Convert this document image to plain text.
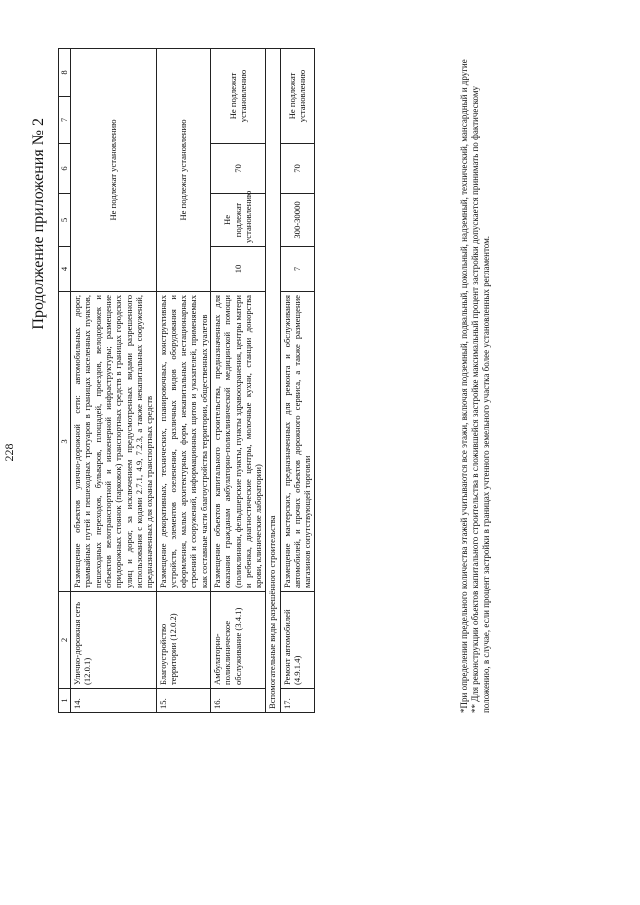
228
Продолжение приложения № 2
1	2	3	4	5	6	7	8
14.	Улично-дорожная сеть (12.0.1)	Размещение объектов улично-дорожной сети: автомобильных дорог, трамвайных путей и пешеходных тротуаров в границах населенных пунктов, пешеходных переходов, бульваров, площадей, проездов, велодорожек и объектов велотранспортной и инженерной инфраструктуры; размещение придорожных стоянок (парковок) транспортных средств в границах городских улиц и дорог, за исключением предусмотренных видами разрешенного использования с кодами 2.7.1, 4.9, 7.2.3, а также некапитальных сооружений, предназначенных для охраны транспортных средств	Не подлежат установлению				
15.	Благоустройство территории (12.0.2)	Размещение декоративных, технических, планировочных, конструктивных устройств, элементов озеленения, различных видов оборудования и оформления, малых архитектурных форм, некапитальных нестационарных строений и сооружений, информационных щитов и указателей, применяемых как составные части благоустройства территории, общественных туалетов	Не подлежат установлению				
16.	Амбулаторно-поликлиническое обслуживание (3.4.1)	Размещение объектов капитального строительства, предназначенных для оказания гражданам амбулаторно-поликлинической медицинской помощи (поликлиники, фельдшерские пункты, пункты здравоохранения, центры матери и ребенка, диагностические центры, молочные кухни, станции донорства крови, клинические лаборатории)	10	Не подлежат установлению	70	Не подлежат установлению	
Вспомогательные виды разрешённого строительства							
17.	Ремонт автомобилей (4.9.1.4)	Размещение мастерских, предназначенных для ремонта и обслуживания автомобилей, и прочих объектов дорожного сервиса, а также размещение магазинов сопутствующей торговли	7	300-30000	70	Не подлежат установлению		*При определении предельного количества этажей учитываются все этажи, включая подземный, подвальный, цокольный, надземный, технический, мансардный и другие ** Для реконструкции объектов капитального строительства в сложившейся застройке максимальный процент застройки допускается принимать по фактическому положению, в случае, если процент застройки в границах учтенного земельного участка более установленных регламентом.
